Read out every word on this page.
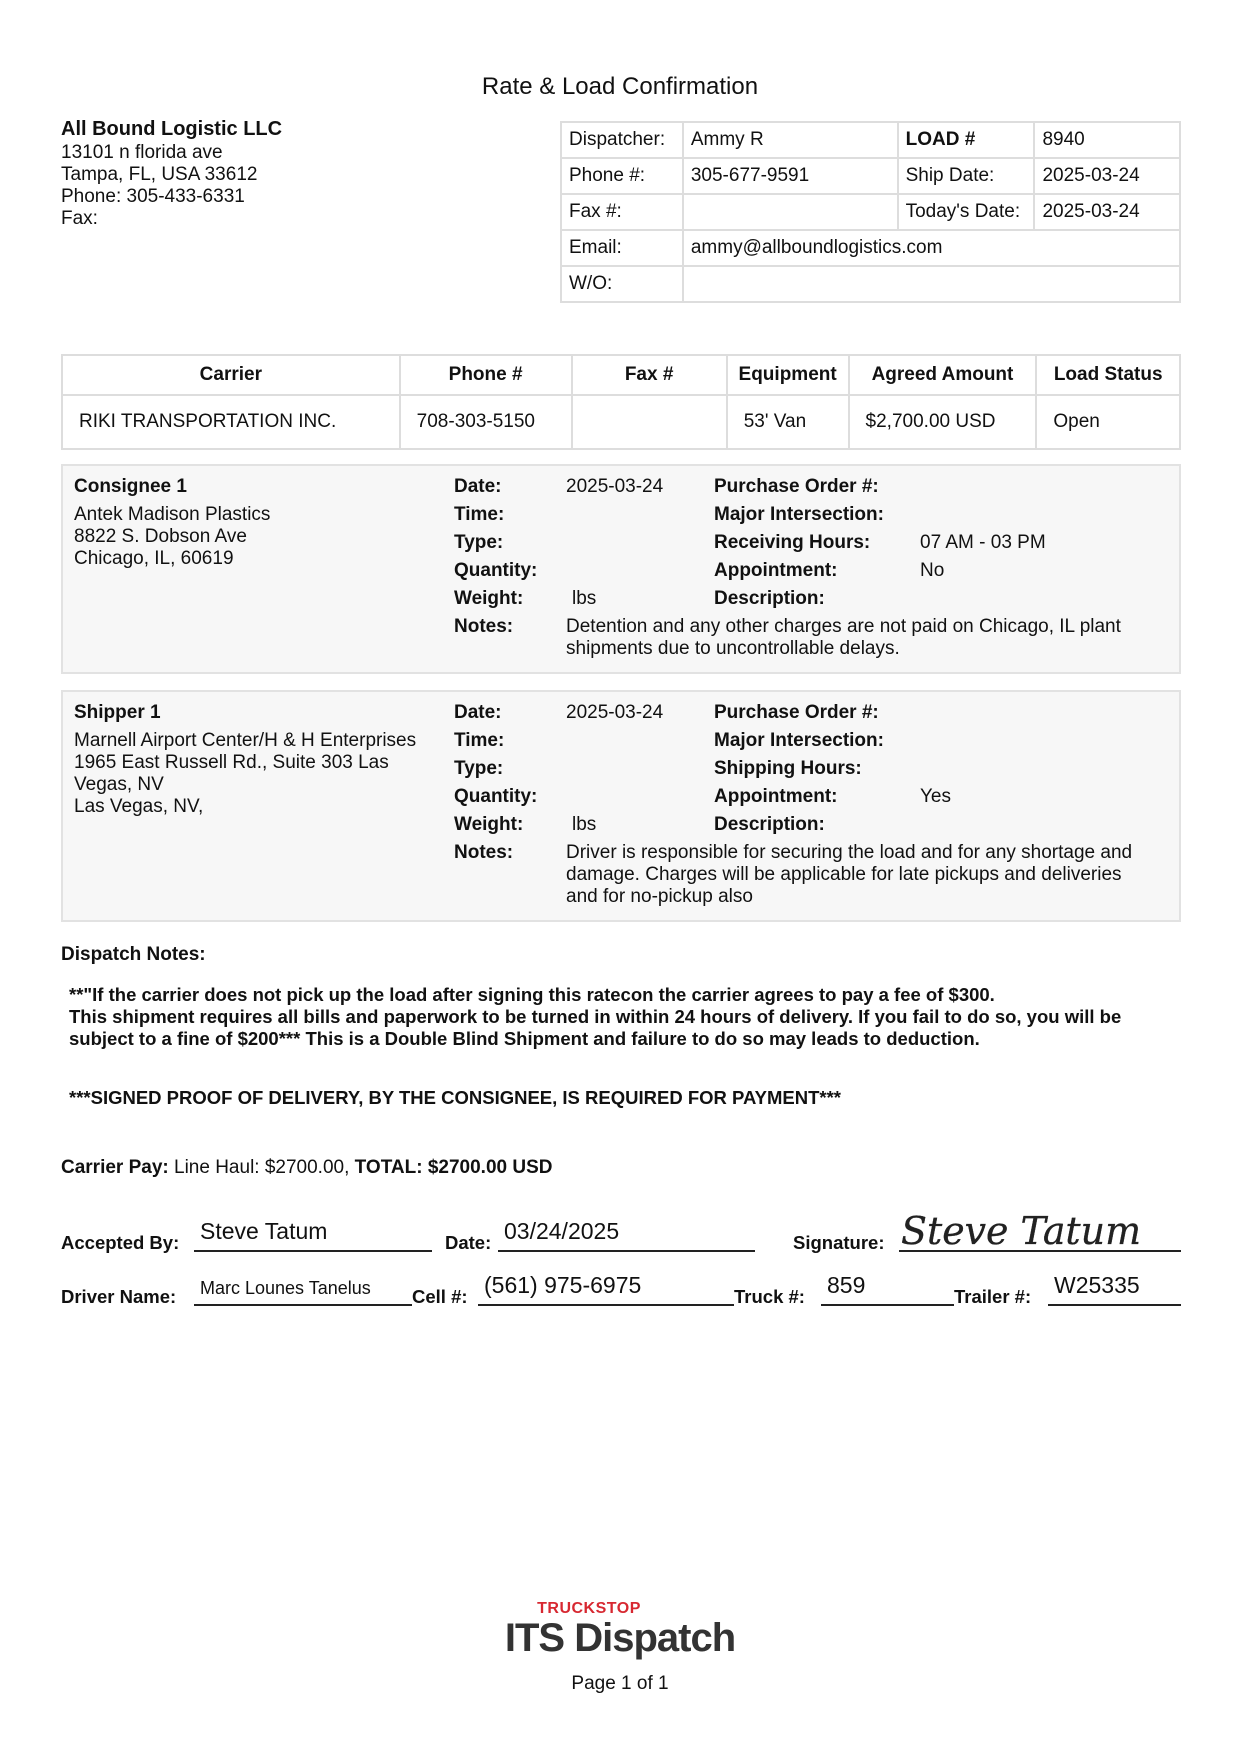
Rate & Load Confirmation
All Bound Logistic LLC
13101 n florida ave
Tampa, FL, USA 33612
Phone: 305-433-6331
Fax:
Dispatcher:	Ammy R	LOAD #	8940
Phone #:	305-677-9591	Ship Date:	2025-03-24
Fax #:		Today's Date:	2025-03-24
Email:	ammy@allboundlogistics.com		
W/O:			
Carrier	Phone #	Fax #	Equipment	Agreed Amount	Load Status
RIKI TRANSPORTATION INC.	708-303-5150		53' Van	$2,700.00 USD	Open
Consignee 1
Antek Madison Plastics
8822 S. Dobson Ave
Chicago, IL, 60619
Date:	2025-03-24
Time:
Type:
Quantity:
Weight:	lbs
Notes:	Detention and any other charges are not paid on Chicago, IL plant shipments due to uncontrollable delays.
Purchase Order #:
Major Intersection:
Receiving Hours:	07 AM - 03 PM
Appointment:	No
Description:
Shipper 1
Marnell Airport Center/H & H Enterprises
1965 East Russell Rd., Suite 303 Las Vegas, NV
Las Vegas, NV,
Date:	2025-03-24
Time:
Type:
Quantity:
Weight:	lbs
Notes:	Driver is responsible for securing the load and for any shortage and damage. Charges will be applicable for late pickups and deliveries and for no-pickup also
Purchase Order #:
Major Intersection:
Shipping Hours:
Appointment:	Yes
Description:
Dispatch Notes:
**"If the carrier does not pick up the load after signing this ratecon the carrier agrees to pay a fee of $300.
This shipment requires all bills and paperwork to be turned in within 24 hours of delivery. If you fail to do so, you will be subject to a fine of $200*** This is a Double Blind Shipment and failure to do so may leads to deduction.
***SIGNED PROOF OF DELIVERY, BY THE CONSIGNEE, IS REQUIRED FOR PAYMENT***
Carrier Pay: Line Haul: $2700.00, TOTAL: $2700.00 USD
Accepted By: Steve Tatum	Date: 03/24/2025	Signature: Steve Tatum
Driver Name:	Marc Lounes Tanelus	Cell #: (561) 975-6975	Truck #: 859	Trailer #: W25335
TRUCKSTOP
ITS Dispatch
Page 1 of 1
